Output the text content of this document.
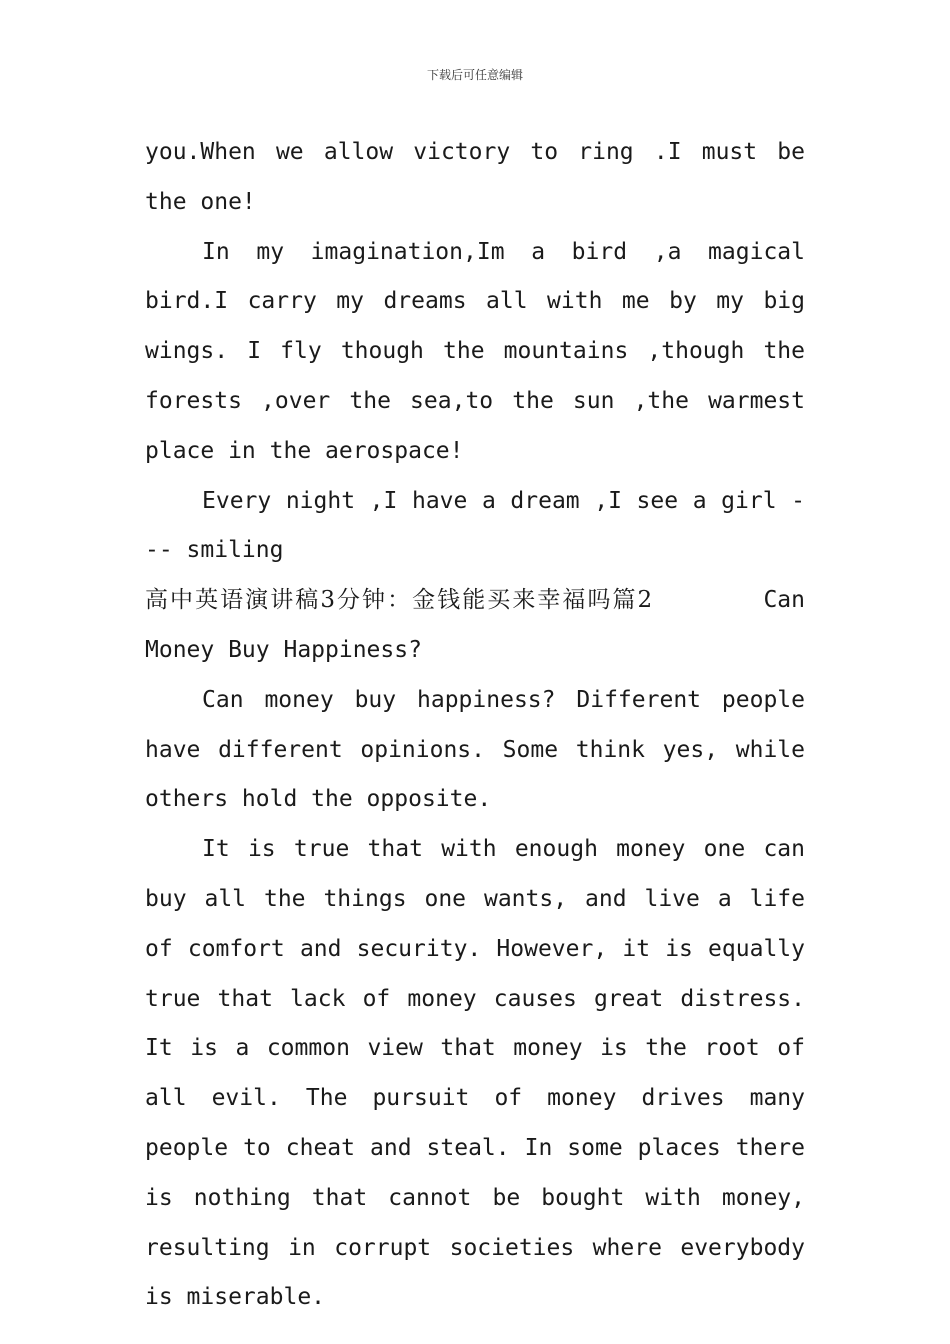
下载后可任意编辑

you.When we allow victory to ring .I must be the one!

In my imagination,Im a bird ,a magical bird.I carry my dreams all with me by my big wings. I fly though the mountains ,though the forests ,over the sea,to the sun ,the warmest place in the aerospace!

Every night ,I have a dream ,I see a girl --- smiling

高中英语演讲稿3分钟：金钱能买来幸福吗篇2	Can Money Buy Happiness?

Can money buy happiness? Different people have different opinions. Some think yes, while others hold the opposite.

It is true that with enough money one can buy all the things one wants, and live a life of comfort and security. However, it is equally true that lack of money causes great distress. It is a common view that money is the root of all evil. The pursuit of money drives many people to cheat and steal. In some places there is nothing that cannot be bought with money, resulting in corrupt societies where everybody is miserable.
